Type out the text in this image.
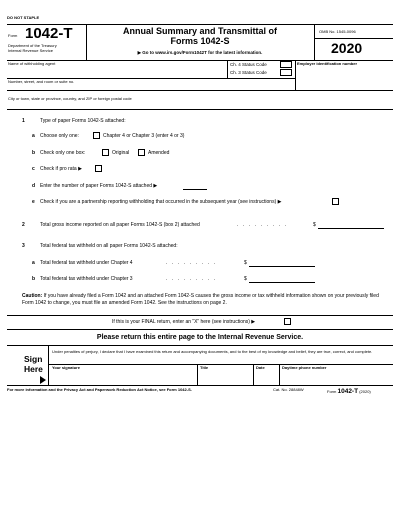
DO NOT STAPLE
Form 1042-T
Department of the Treasury
Internal Revenue Service
Annual Summary and Transmittal of
Forms 1042-S
▶ Go to www.irs.gov/Form1042T for the latest information.
OMB No. 1545-0096
2020
Name of withholding agent	Ch. 4 Status Code
Ch. 3 Status Code
Employer identification number
Number, street, and room or suite no.
City or town, state or province, country, and ZIP or foreign postal code
1	Type of paper Forms 1042-S attached:
a Choose only one:	Chapter 4 or Chapter 3 (enter 4 or 3)
b Check only one box:	Original	Amended
c Check if pro rata ▶
d Enter the number of paper Forms 1042-S attached ▶
e Check if you are a partnership reporting withholding that occurred in the subsequent year (see instructions) ▶
2	Total gross income reported on all paper Forms 1042-S (box 2) attached	. . . . . . . . .	$
3	Total federal tax withheld on all paper Forms 1042-S attached:
a Total federal tax withheld under Chapter 4	. . . . . . . . .	$
b Total federal tax withheld under Chapter 3	. . . . . . . . .	$
Caution: If you have already filed a Form 1042 and an attached Form 1042-S causes the gross income or tax withheld information shown on your previously filed Form 1042 to change, you must file an amended Form 1042. See the instructions on page 2.
If this is your FINAL return, enter an “X” here (see instructions) ▶
Please return this entire page to the Internal Revenue Service.
Sign
Here
Under penalties of perjury, I declare that I have examined this return and accompanying documents, and to the best of my knowledge and belief, they are true, correct, and complete.
Your signature	Title	Date	Daytime phone number
For more information and the Privacy Act and Paperwork Reduction Act Notice, see Form 1042-S.	Cat. No. 28848W	Form 1042-T (2020)
